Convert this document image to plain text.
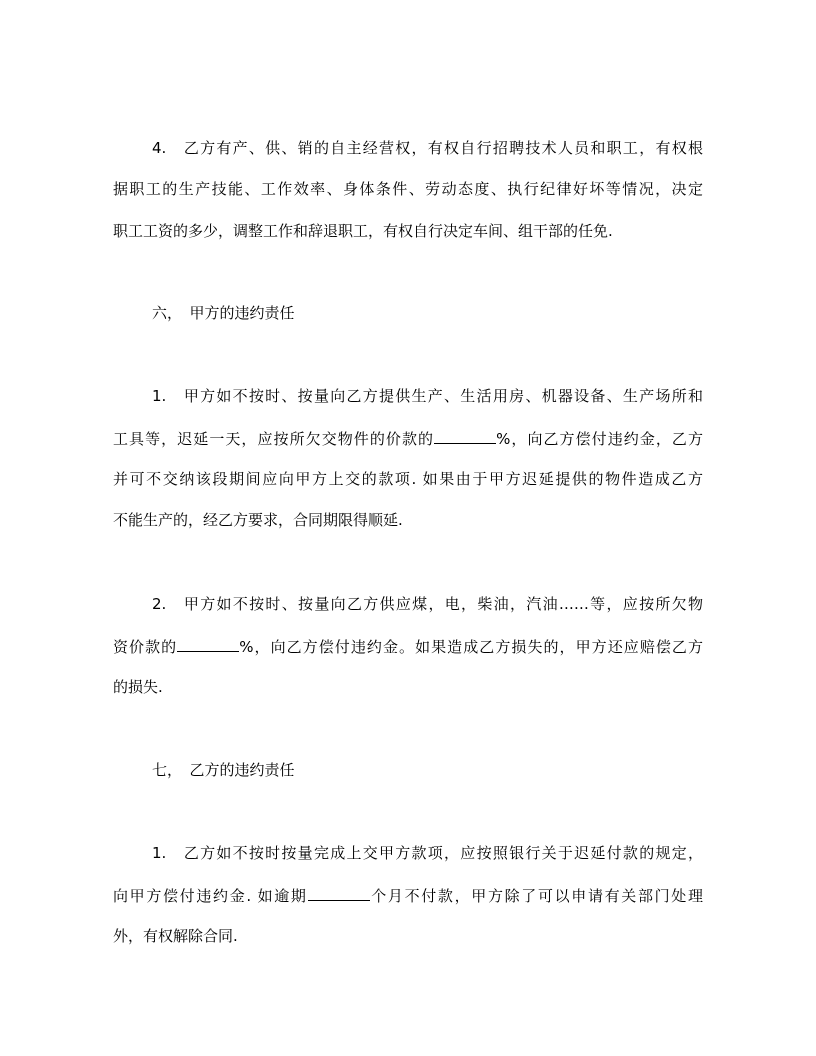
4.　乙方有产、供、销的自主经营权，有权自行招聘技术人员和职工，有权根
据职工的生产技能、工作效率、身体条件、劳动态度、执行纪律好坏等情况，决定
职工工资的多少，调整工作和辞退职工，有权自行决定车间、组干部的任免.
六，　甲方的违约责任
1.　甲方如不按时、按量向乙方提供生产、生活用房、机器设备、生产场所和
工具等，迟延一天，应按所欠交物件的价款的	%，向乙方偿付违约金，乙方
并可不交纳该段期间应向甲方上交的款项. 如果由于甲方迟延提供的物件造成乙方
不能生产的，经乙方要求，合同期限得顺延.
2.　甲方如不按时、按量向乙方供应煤，电，柴油，汽油……等，应按所欠物
资价款的	%，向乙方偿付违约金。如果造成乙方损失的，甲方还应赔偿乙方
的损失.
七，　乙方的违约责任
1.　乙方如不按时按量完成上交甲方款项，应按照银行关于迟延付款的规定，
向甲方偿付违约金. 如逾期	个月不付款，甲方除了可以申请有关部门处理
外，有权解除合同.
